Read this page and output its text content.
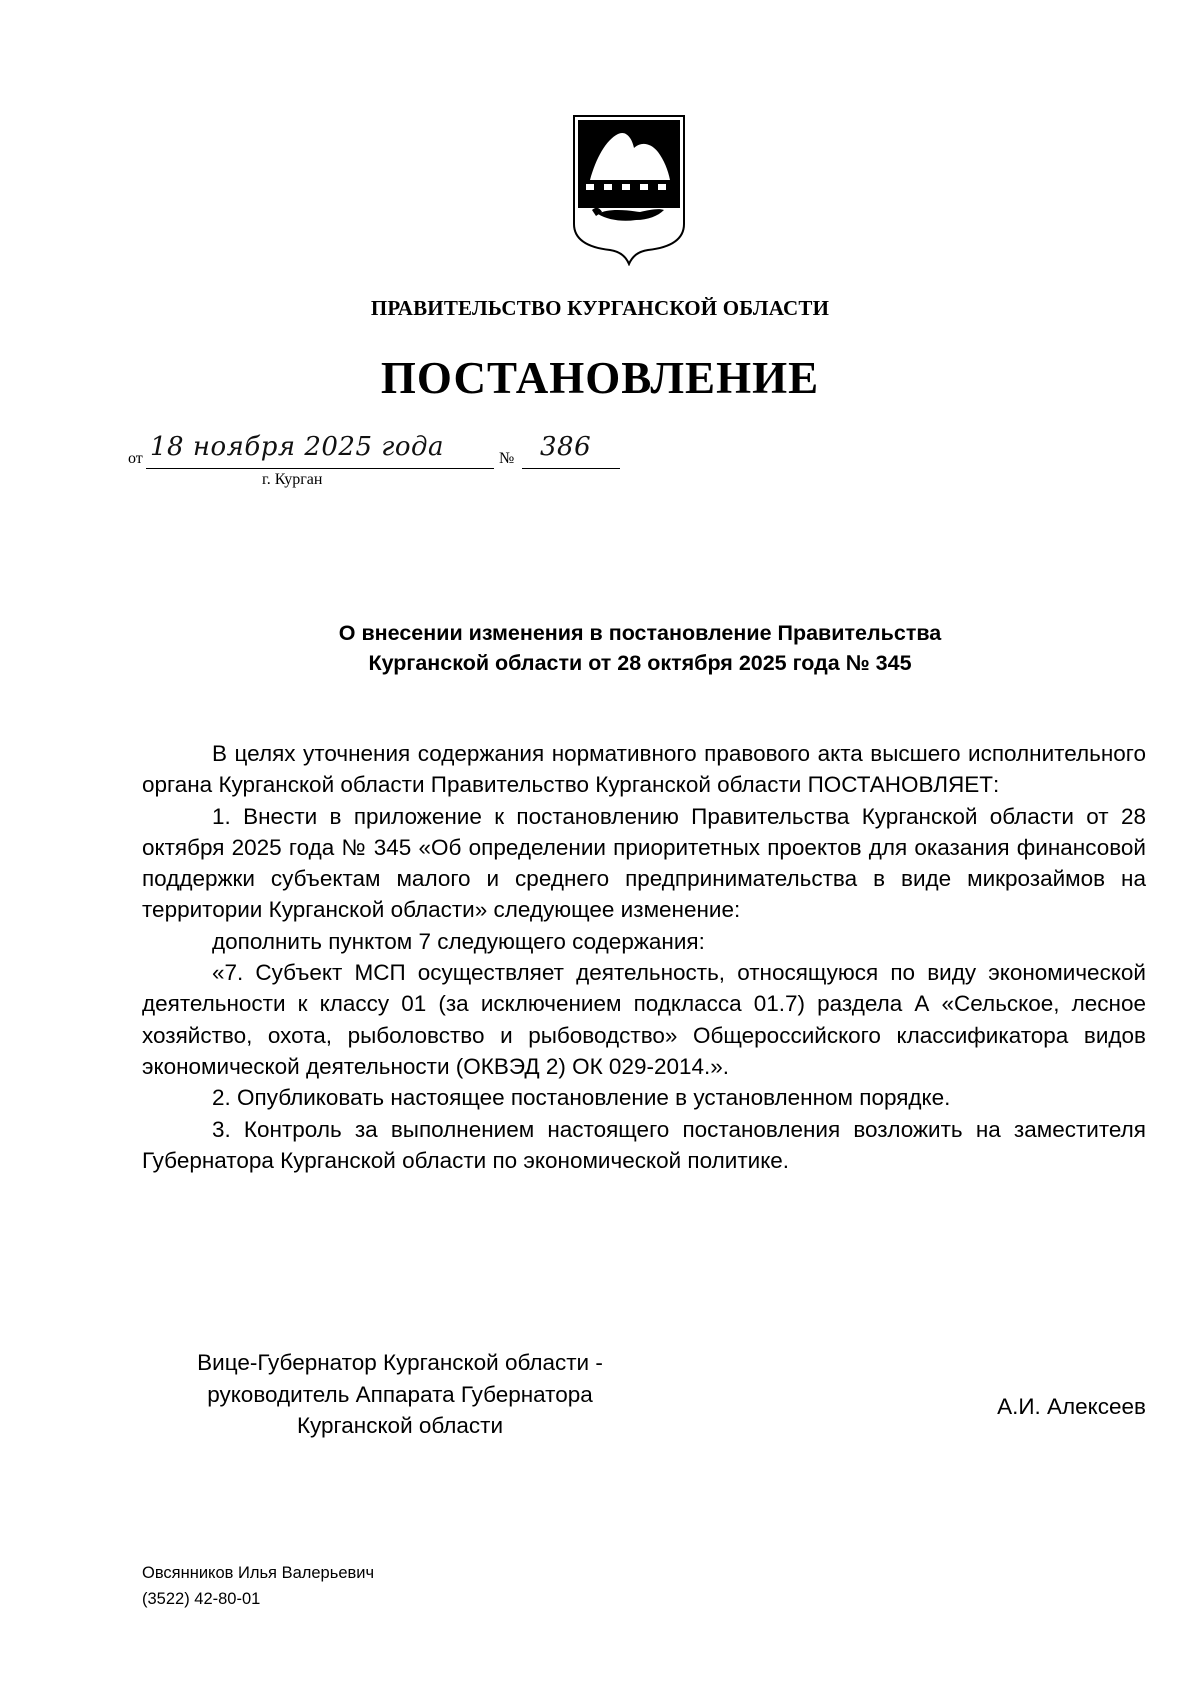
ПРАВИТЕЛЬСТВО КУРГАНСКОЙ ОБЛАСТИ
ПОСТАНОВЛЕНИЕ
от 18 ноября 2025 года	№ 386
г. Курган
О внесении изменения в постановление Правительства
Курганской области от 28 октября 2025 года № 345

В целях уточнения содержания нормативного правового акта высшего исполнительного органа Курганской области Правительство Курганской области ПОСТАНОВЛЯЕТ:

1. Внести в приложение к постановлению Правительства Курганской области от 28 октября 2025 года № 345 «Об определении приоритетных проектов для оказания финансовой поддержки субъектам малого и среднего предпринимательства в виде микрозаймов на территории Курганской области» следующее изменение:

дополнить пунктом 7 следующего содержания:

«7. Субъект МСП осуществляет деятельность, относящуюся по виду экономической деятельности к классу 01 (за исключением подкласса 01.7) раздела А «Сельское, лесное хозяйство, охота, рыболовство и рыбоводство» Общероссийского классификатора видов экономической деятельности (ОКВЭД 2) ОК 029-2014.».

2. Опубликовать настоящее постановление в установленном порядке.

3. Контроль за выполнением настоящего постановления возложить на заместителя Губернатора Курганской области по экономической политике.

Вице-Губернатор Курганской области -
руководитель Аппарата Губернатора
Курганской области
А.И. Алексеев
Овсянников Илья Валерьевич
(3522) 42-80-01
